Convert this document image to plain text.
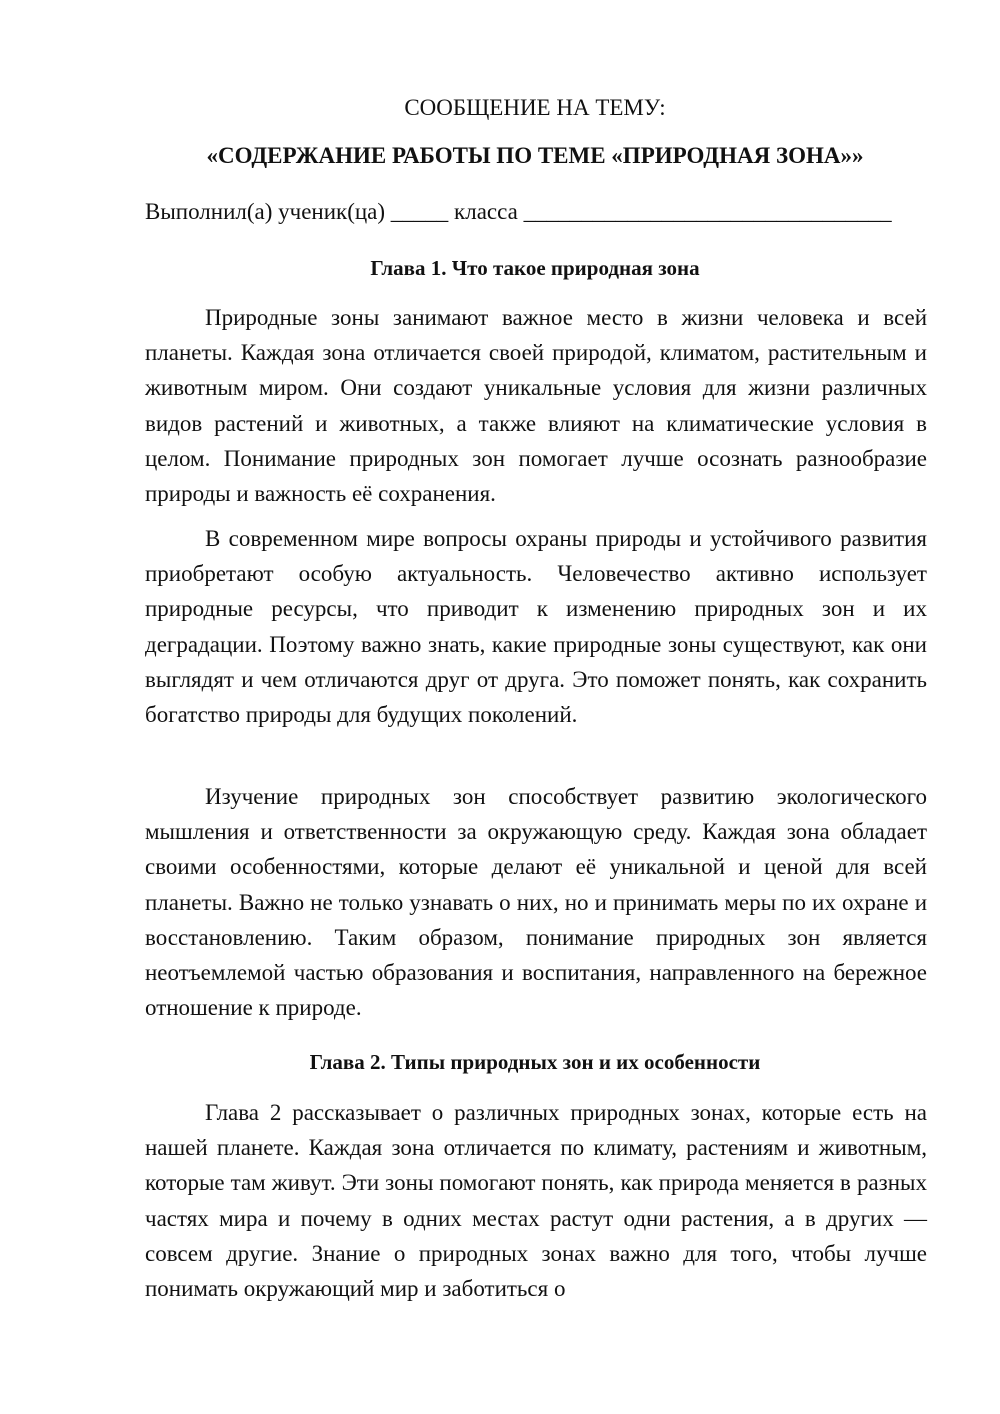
СООБЩЕНИЕ НА ТЕМУ:
«СОДЕРЖАНИЕ РАБОТЫ ПО ТЕМЕ «ПРИРОДНАЯ ЗОНА»»
Выполнил(а) ученик(ца) _____ класса ________________________________
Глава 1. Что такое природная зона

Природные зоны занимают важное место в жизни человека и всей планеты. Каждая зона отличается своей природой, климатом, растительным и животным миром. Они создают уникальные условия для жизни различных видов растений и животных, а также влияют на климатические условия в целом. Понимание природных зон помогает лучше осознать разнообразие природы и важность её сохранения.

В современном мире вопросы охраны природы и устойчивого развития приобретают особую актуальность. Человечество активно использует природные ресурсы, что приводит к изменению природных зон и их деградации. Поэтому важно знать, какие природные зоны существуют, как они выглядят и чем отличаются друг от друга. Это поможет понять, как сохранить богатство природы для будущих поколений.

Изучение природных зон способствует развитию экологического мышления и ответственности за окружающую среду. Каждая зона обладает своими особенностями, которые делают её уникальной и ценой для всей планеты. Важно не только узнавать о них, но и принимать меры по их охране и восстановлению. Таким образом, понимание природных зон является неотъемлемой частью образования и воспитания, направленного на бережное отношение к природе.

Глава 2. Типы природных зон и их особенности

Глава 2 рассказывает о различных природных зонах, которые есть на нашей планете. Каждая зона отличается по климату, растениям и животным, которые там живут. Эти зоны помогают понять, как природа меняется в разных частях мира и почему в одних местах растут одни растения, а в других — совсем другие. Знание о природных зонах важно для того, чтобы лучше понимать окружающий мир и заботиться о
